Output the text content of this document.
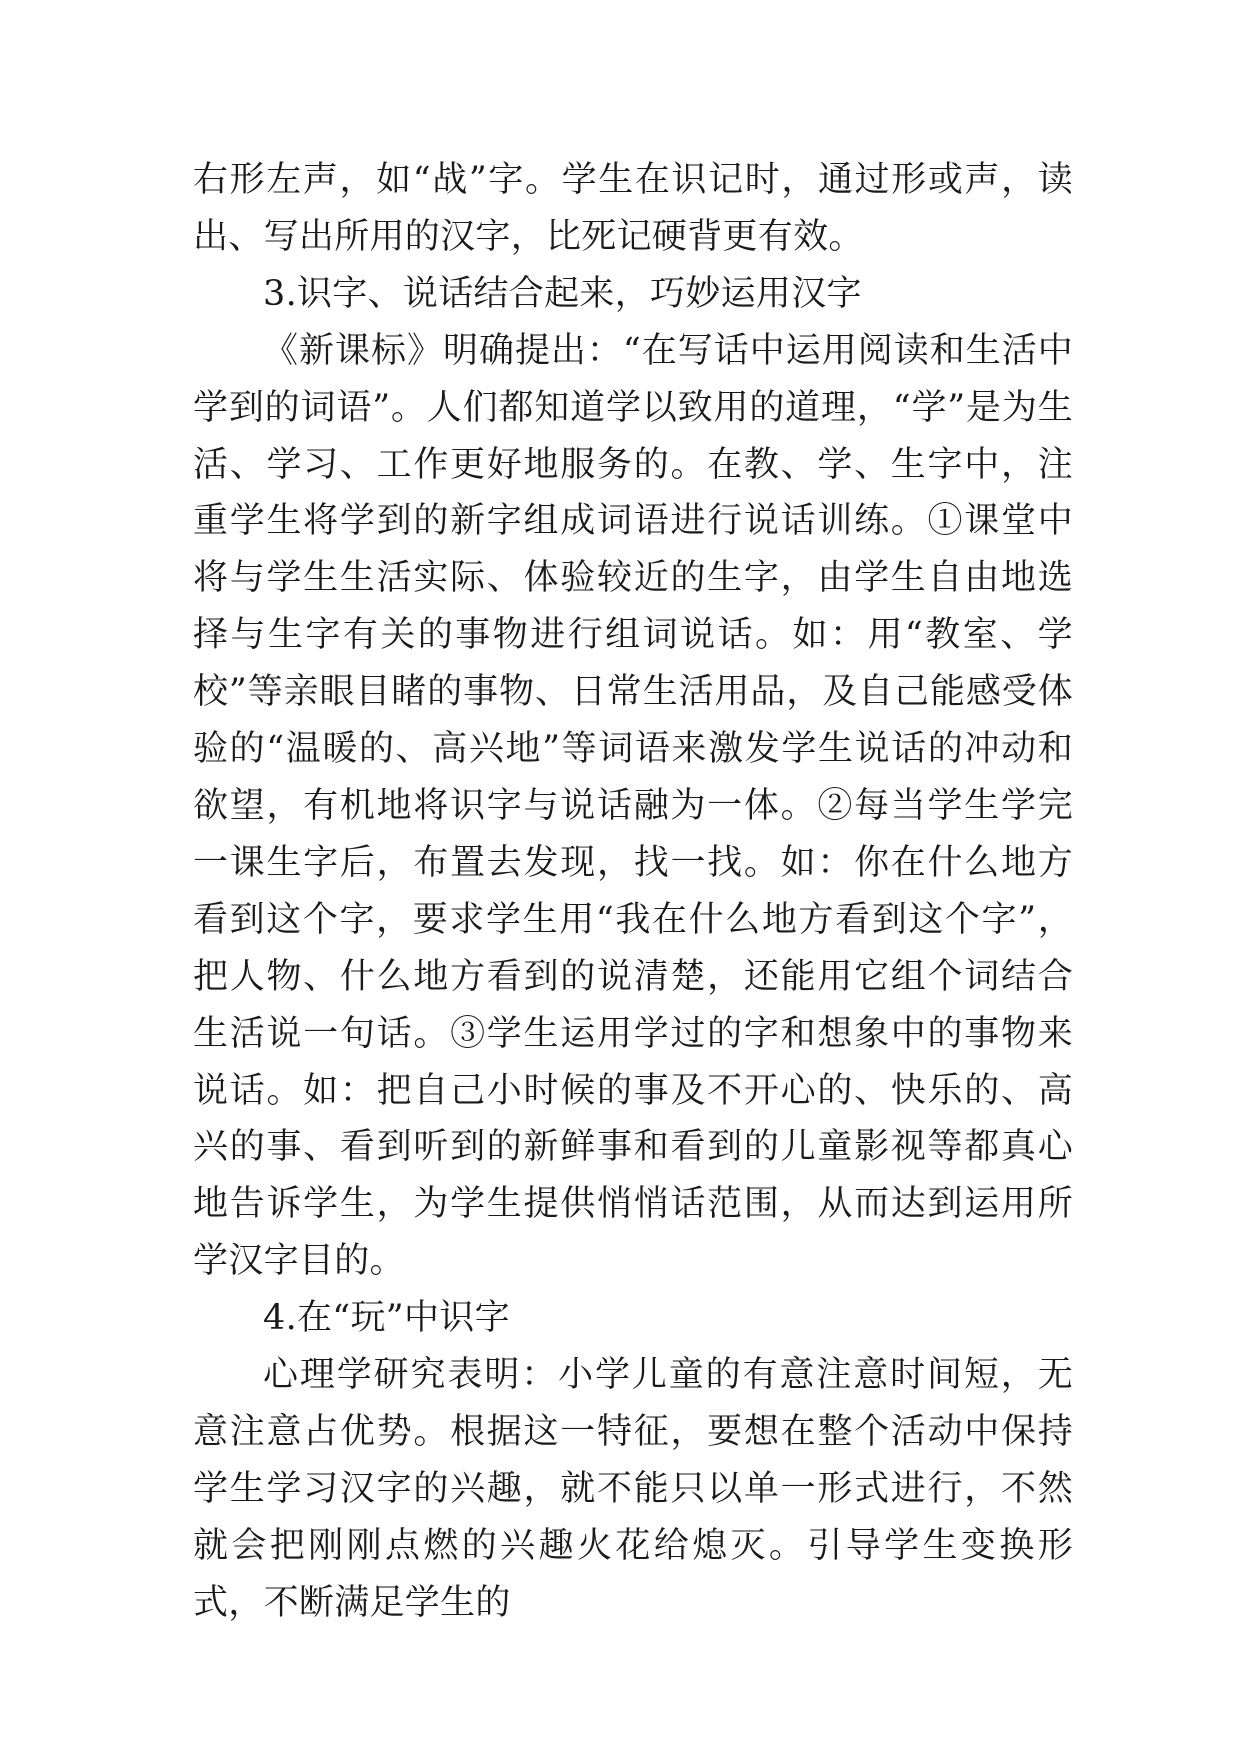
右形左声，如“战”字。学生在识记时，通过形或声，读出、写出所用的汉字，比死记硬背更有效。

3.识字、说话结合起来，巧妙运用汉字

《新课标》明确提出：“在写话中运用阅读和生活中学到的词语”。人们都知道学以致用的道理，“学”是为生活、学习、工作更好地服务的。在教、学、生字中，注重学生将学到的新字组成词语进行说话训练。①课堂中将与学生生活实际、体验较近的生字，由学生自由地选择与生字有关的事物进行组词说话。如：用“教室、学校”等亲眼目睹的事物、日常生活用品，及自己能感受体验的“温暖的、高兴地”等词语来激发学生说话的冲动和欲望，有机地将识字与说话融为一体。②每当学生学完一课生字后，布置去发现，找一找。如：你在什么地方看到这个字，要求学生用“我在什么地方看到这个字”，把人物、什么地方看到的说清楚，还能用它组个词结合生活说一句话。③学生运用学过的字和想象中的事物来说话。如：把自己小时候的事及不开心的、快乐的、高兴的事、看到听到的新鲜事和看到的儿童影视等都真心地告诉学生，为学生提供悄悄话范围，从而达到运用所学汉字目的。

4.在“玩”中识字

心理学研究表明：小学儿童的有意注意时间短，无意注意占优势。根据这一特征，要想在整个活动中保持学生学习汉字的兴趣，就不能只以单一形式进行，不然就会把刚刚点燃的兴趣火花给熄灭。引导学生变换形式，不断满足学生的
